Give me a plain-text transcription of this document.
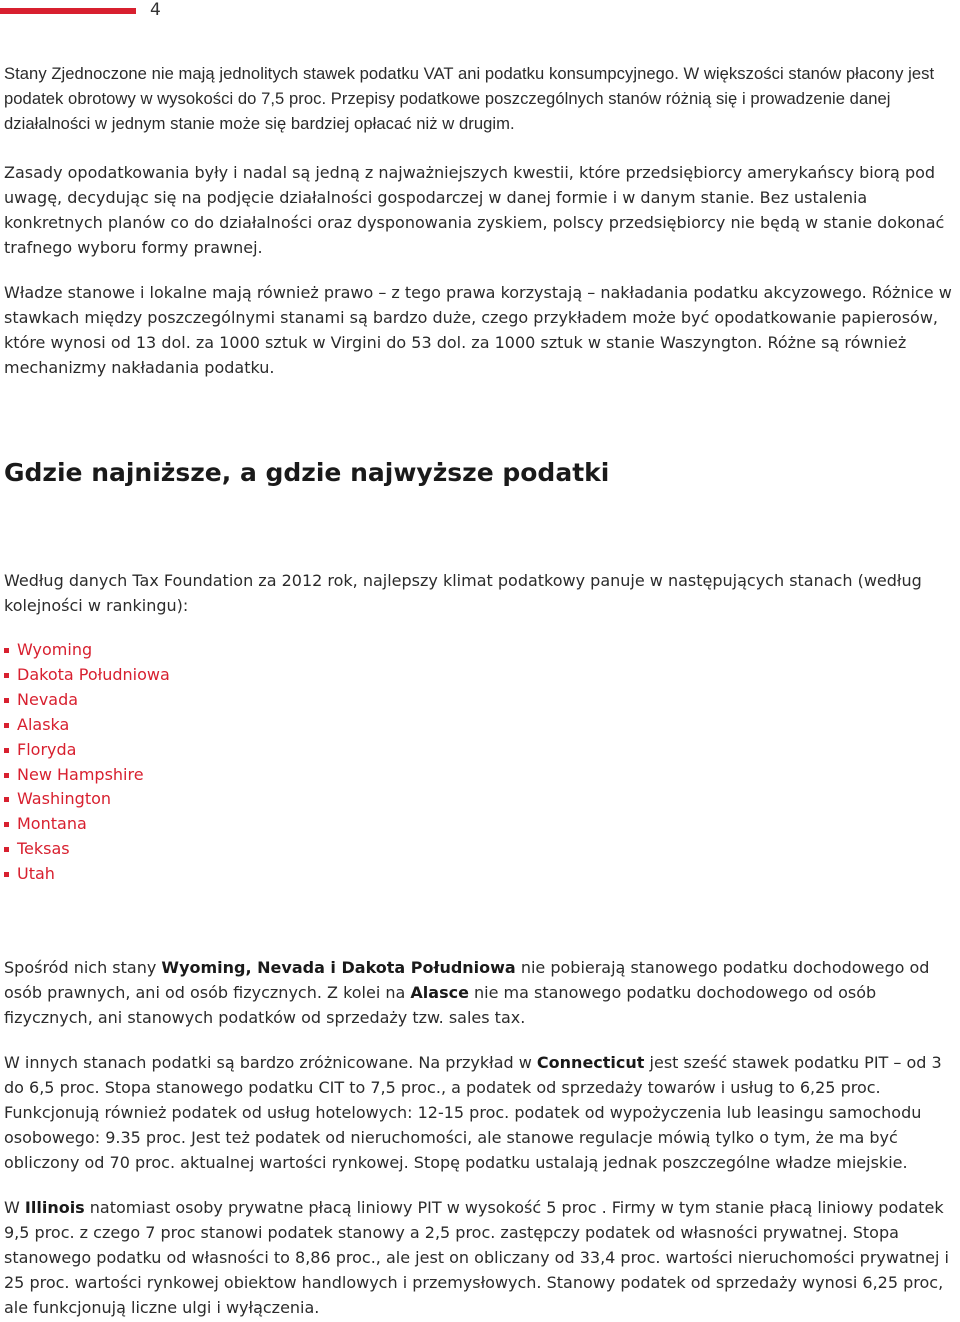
4

Stany Zjednoczone nie mają jednolitych stawek podatku VAT ani podatku konsumpcyjnego. W większości stanów płacony jest podatek obrotowy w wysokości do 7,5 proc. Przepisy podatkowe poszczególnych stanów różnią się i prowadzenie danej działalności w jednym stanie może się bardziej opłacać niż w drugim.

Zasady opodatkowania były i nadal są jedną z najważniejszych kwestii, które przedsiębiorcy amerykańscy biorą pod uwagę, decydując się na podjęcie działalności gospodarczej w danej formie i w danym stanie. Bez ustalenia konkretnych planów co do działalności oraz dysponowania zyskiem, polscy przedsiębiorcy nie będą w stanie dokonać trafnego wyboru formy prawnej.

Władze stanowe i lokalne mają również prawo – z tego prawa korzystają – nakładania podatku akcyzowego. Różnice w stawkach między poszczególnymi stanami są bardzo duże, czego przykładem może być opodatkowanie papierosów, które wynosi od 13 dol. za 1000 sztuk w Virgini do 53 dol. za 1000 sztuk w stanie Waszyngton. Różne są również mechanizmy nakładania podatku.

Gdzie najniższe, a gdzie najwyższe podatki

Według danych Tax Foundation za 2012 rok, najlepszy klimat podatkowy panuje w następujących stanach (według kolejności w rankingu):

Wyoming
Dakota Południowa
Nevada
Alaska
Floryda
New Hampshire
Washington
Montana
Teksas
Utah

Spośród nich stany Wyoming, Nevada i Dakota Południowa nie pobierają stanowego podatku dochodowego od osób prawnych, ani od osób fizycznych. Z kolei na Alasce nie ma stanowego podatku dochodowego od osób fizycznych, ani stanowych podatków od sprzedaży tzw. sales tax.

W innych stanach podatki są bardzo zróżnicowane. Na przykład w Connecticut jest sześć stawek podatku PIT – od 3 do 6,5 proc. Stopa stanowego podatku CIT to 7,5 proc., a podatek od sprzedaży towarów i usług to 6,25 proc. Funkcjonują również podatek od usług hotelowych: 12-15 proc. podatek od wypożyczenia lub leasingu samochodu osobowego: 9.35 proc. Jest też podatek od nieruchomości, ale stanowe regulacje mówią tylko o tym, że ma być obliczony od 70 proc. aktualnej wartości rynkowej. Stopę podatku ustalają jednak poszczególne władze miejskie.

W Illinois natomiast osoby prywatne płacą liniowy PIT w wysokość 5 proc . Firmy w tym stanie płacą liniowy podatek 9,5 proc. z czego 7 proc stanowi podatek stanowy a 2,5 proc. zastępczy podatek od własności prywatnej. Stopa stanowego podatku od własności to 8,86 proc., ale jest on obliczany od 33,4 proc. wartości nieruchomości prywatnej i 25 proc. wartości rynkowej obiektow handlowych i przemysłowych. Stanowy podatek od sprzedaży wynosi 6,25 proc, ale funkcjonują liczne ulgi i wyłączenia.
